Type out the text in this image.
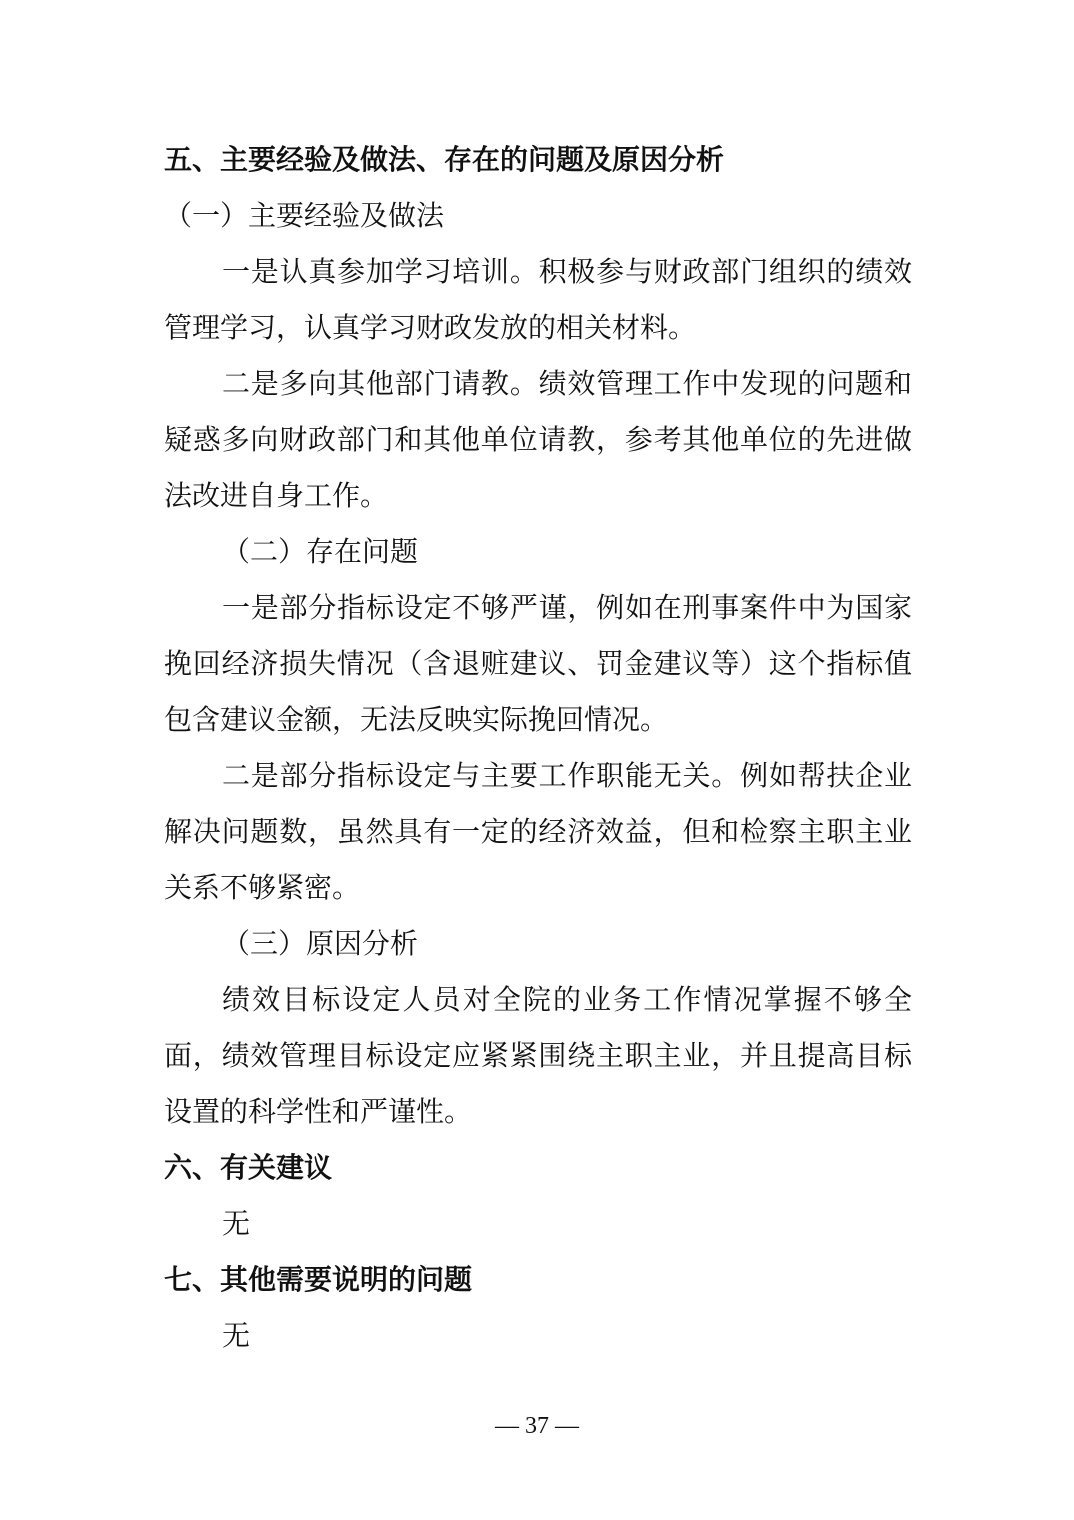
五、主要经验及做法、存在的问题及原因分析
（一）主要经验及做法
一是认真参加学习培训。积极参与财政部门组织的绩效
管理学习，认真学习财政发放的相关材料。
二是多向其他部门请教。绩效管理工作中发现的问题和
疑惑多向财政部门和其他单位请教，参考其他单位的先进做
法改进自身工作。
（二）存在问题
一是部分指标设定不够严谨，例如在刑事案件中为国家
挽回经济损失情况（含退赃建议、罚金建议等）这个指标值
包含建议金额，无法反映实际挽回情况。
二是部分指标设定与主要工作职能无关。例如帮扶企业
解决问题数，虽然具有一定的经济效益，但和检察主职主业
关系不够紧密。
（三）原因分析
绩效目标设定人员对全院的业务工作情况掌握不够全
面，绩效管理目标设定应紧紧围绕主职主业，并且提高目标
设置的科学性和严谨性。
六、有关建议
无
七、其他需要说明的问题
无
— 37 —
